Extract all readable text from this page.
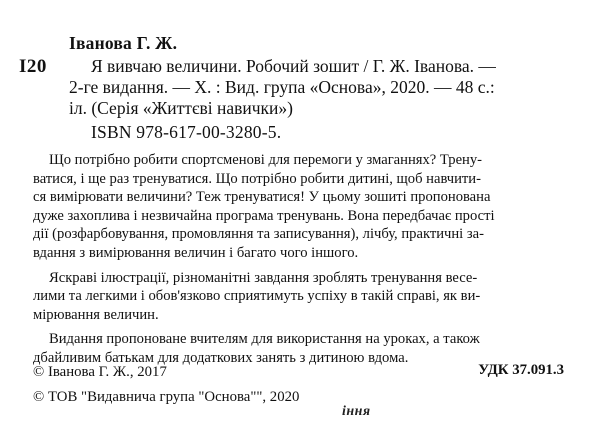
І20
Іванова Г. Ж.
Я вивчаю величини. Робочий зошит / Г. Ж. Іванова. —
2-ге видання. — Х. : Вид. група «Основа», 2020. — 48 с.:
іл. (Серія «Життєві навички»)
ISBN 978-617-00-3280-5.
Що потрібно робити спортсменові для перемоги у змаганнях? Трену-
ватися, і ще раз тренуватися. Що потрібно робити дитині, щоб навчити-
ся вимірювати величини? Теж тренуватися! У цьому зошиті пропонована
дуже захоплива і незвичайна програма тренувань. Вона передбачає прості
дії (розфарбовування, промовляння та записування), лічбу, практичні за-
вдання з вимірювання величин і багато чого іншого.
Яскраві ілюстрації, різноманітні завдання зроблять тренування весе-
лими та легкими і обов'язково сприятимуть успіху в такій справі, як ви-
мірювання величин.
Видання пропоноване вчителям для використання на уроках, а також
дбайливим батькам для додаткових занять з дитиною вдома.
© Іванова Г. Ж., 2017
© ТОВ "Видавнича група "Основа"", 2020
УДК 37.091.3
іння
